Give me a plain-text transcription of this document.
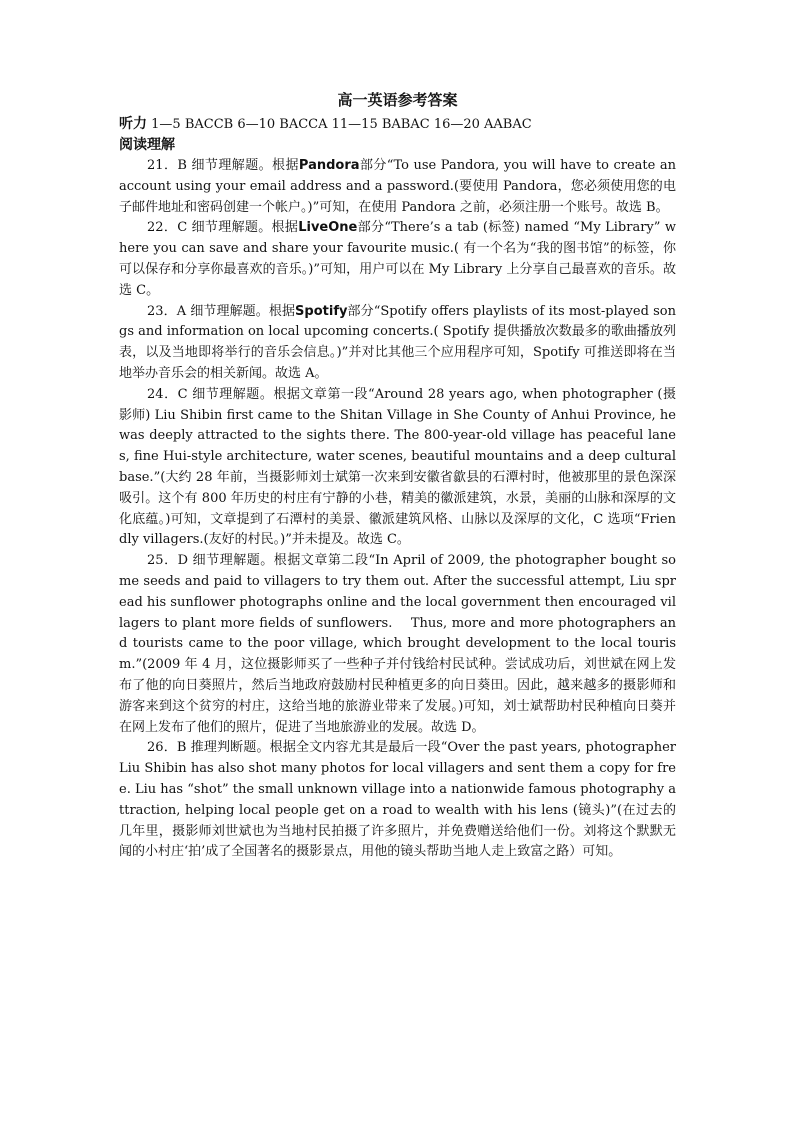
高一英语参考答案
听力 1—5 BACCB 6—10 BACCA 11—15 BABAC 16—20 AABAC
阅读理解

21．B 细节理解题。根据Pandora部分“To use Pandora, you will have to create an account using your email address and a password.(要使用 Pandora，您必须使用您的电子邮件地址和密码创建一个帐户。)”可知，在使用 Pandora 之前，必须注册一个账号。故选 B。

22．C 细节理解题。根据LiveOne部分“There’s a tab (标签) named “My Library” where you can save and share your favourite music.( 有一个名为“我的图书馆”的标签，你可以保存和分享你最喜欢的音乐。)”可知，用户可以在 My Library 上分享自己最喜欢的音乐。故选 C。

23．A 细节理解题。根据Spotify部分“Spotify offers playlists of its most-played songs and information on local upcoming concerts.( Spotify 提供播放次数最多的歌曲播放列表，以及当地即将举行的音乐会信息。)”并对比其他三个应用程序可知，Spotify 可推送即将在当地举办音乐会的相关新闻。故选 A。

24．C 细节理解题。根据文章第一段“Around 28 years ago, when photographer (摄影师) Liu Shibin first came to the Shitan Village in She County of Anhui Province, he was deeply attracted to the sights there. The 800-year-old village has peaceful lanes, fine Hui-style architecture, water scenes, beautiful mountains and a deep cultural base.”(大约 28 年前，当摄影师刘士斌第一次来到安徽省歙县的石潭村时，他被那里的景色深深吸引。这个有 800 年历史的村庄有宁静的小巷，精美的徽派建筑，水景，美丽的山脉和深厚的文化底蕴。)可知，文章提到了石潭村的美景、徽派建筑风格、山脉以及深厚的文化，C 选项“Friendly villagers.(友好的村民。)”并未提及。故选 C。

25．D 细节理解题。根据文章第二段“In April of 2009, the photographer bought some seeds and paid to villagers to try them out. After the successful attempt, Liu spread his sunflower photographs online and the local government then encouraged villagers to plant more fields of sunflowers.　 Thus, more and more photographers and tourists came to the poor village, which brought development to the local tourism.”(2009 年 4 月，这位摄影师买了一些种子并付钱给村民试种。尝试成功后，刘世斌在网上发布了他的向日葵照片，然后当地政府鼓励村民种植更多的向日葵田。因此，越来越多的摄影师和游客来到这个贫穷的村庄，这给当地的旅游业带来了发展。)可知，刘士斌帮助村民种植向日葵并在网上发布了他们的照片，促进了当地旅游业的发展。故选 D。

26．B 推理判断题。根据全文内容尤其是最后一段“Over the past years, photographer Liu Shibin has also shot many photos for local villagers and sent them a copy for free. Liu has “shot” the small unknown village into a nationwide famous photography attraction, helping local people get on a road to wealth with his lens (镜头)”(在过去的几年里，摄影师刘世斌也为当地村民拍摄了许多照片，并免费赠送给他们一份。刘将这个默默无闻的小村庄‘拍’成了全国著名的摄影景点，用他的镜头帮助当地人走上致富之路）可知。
